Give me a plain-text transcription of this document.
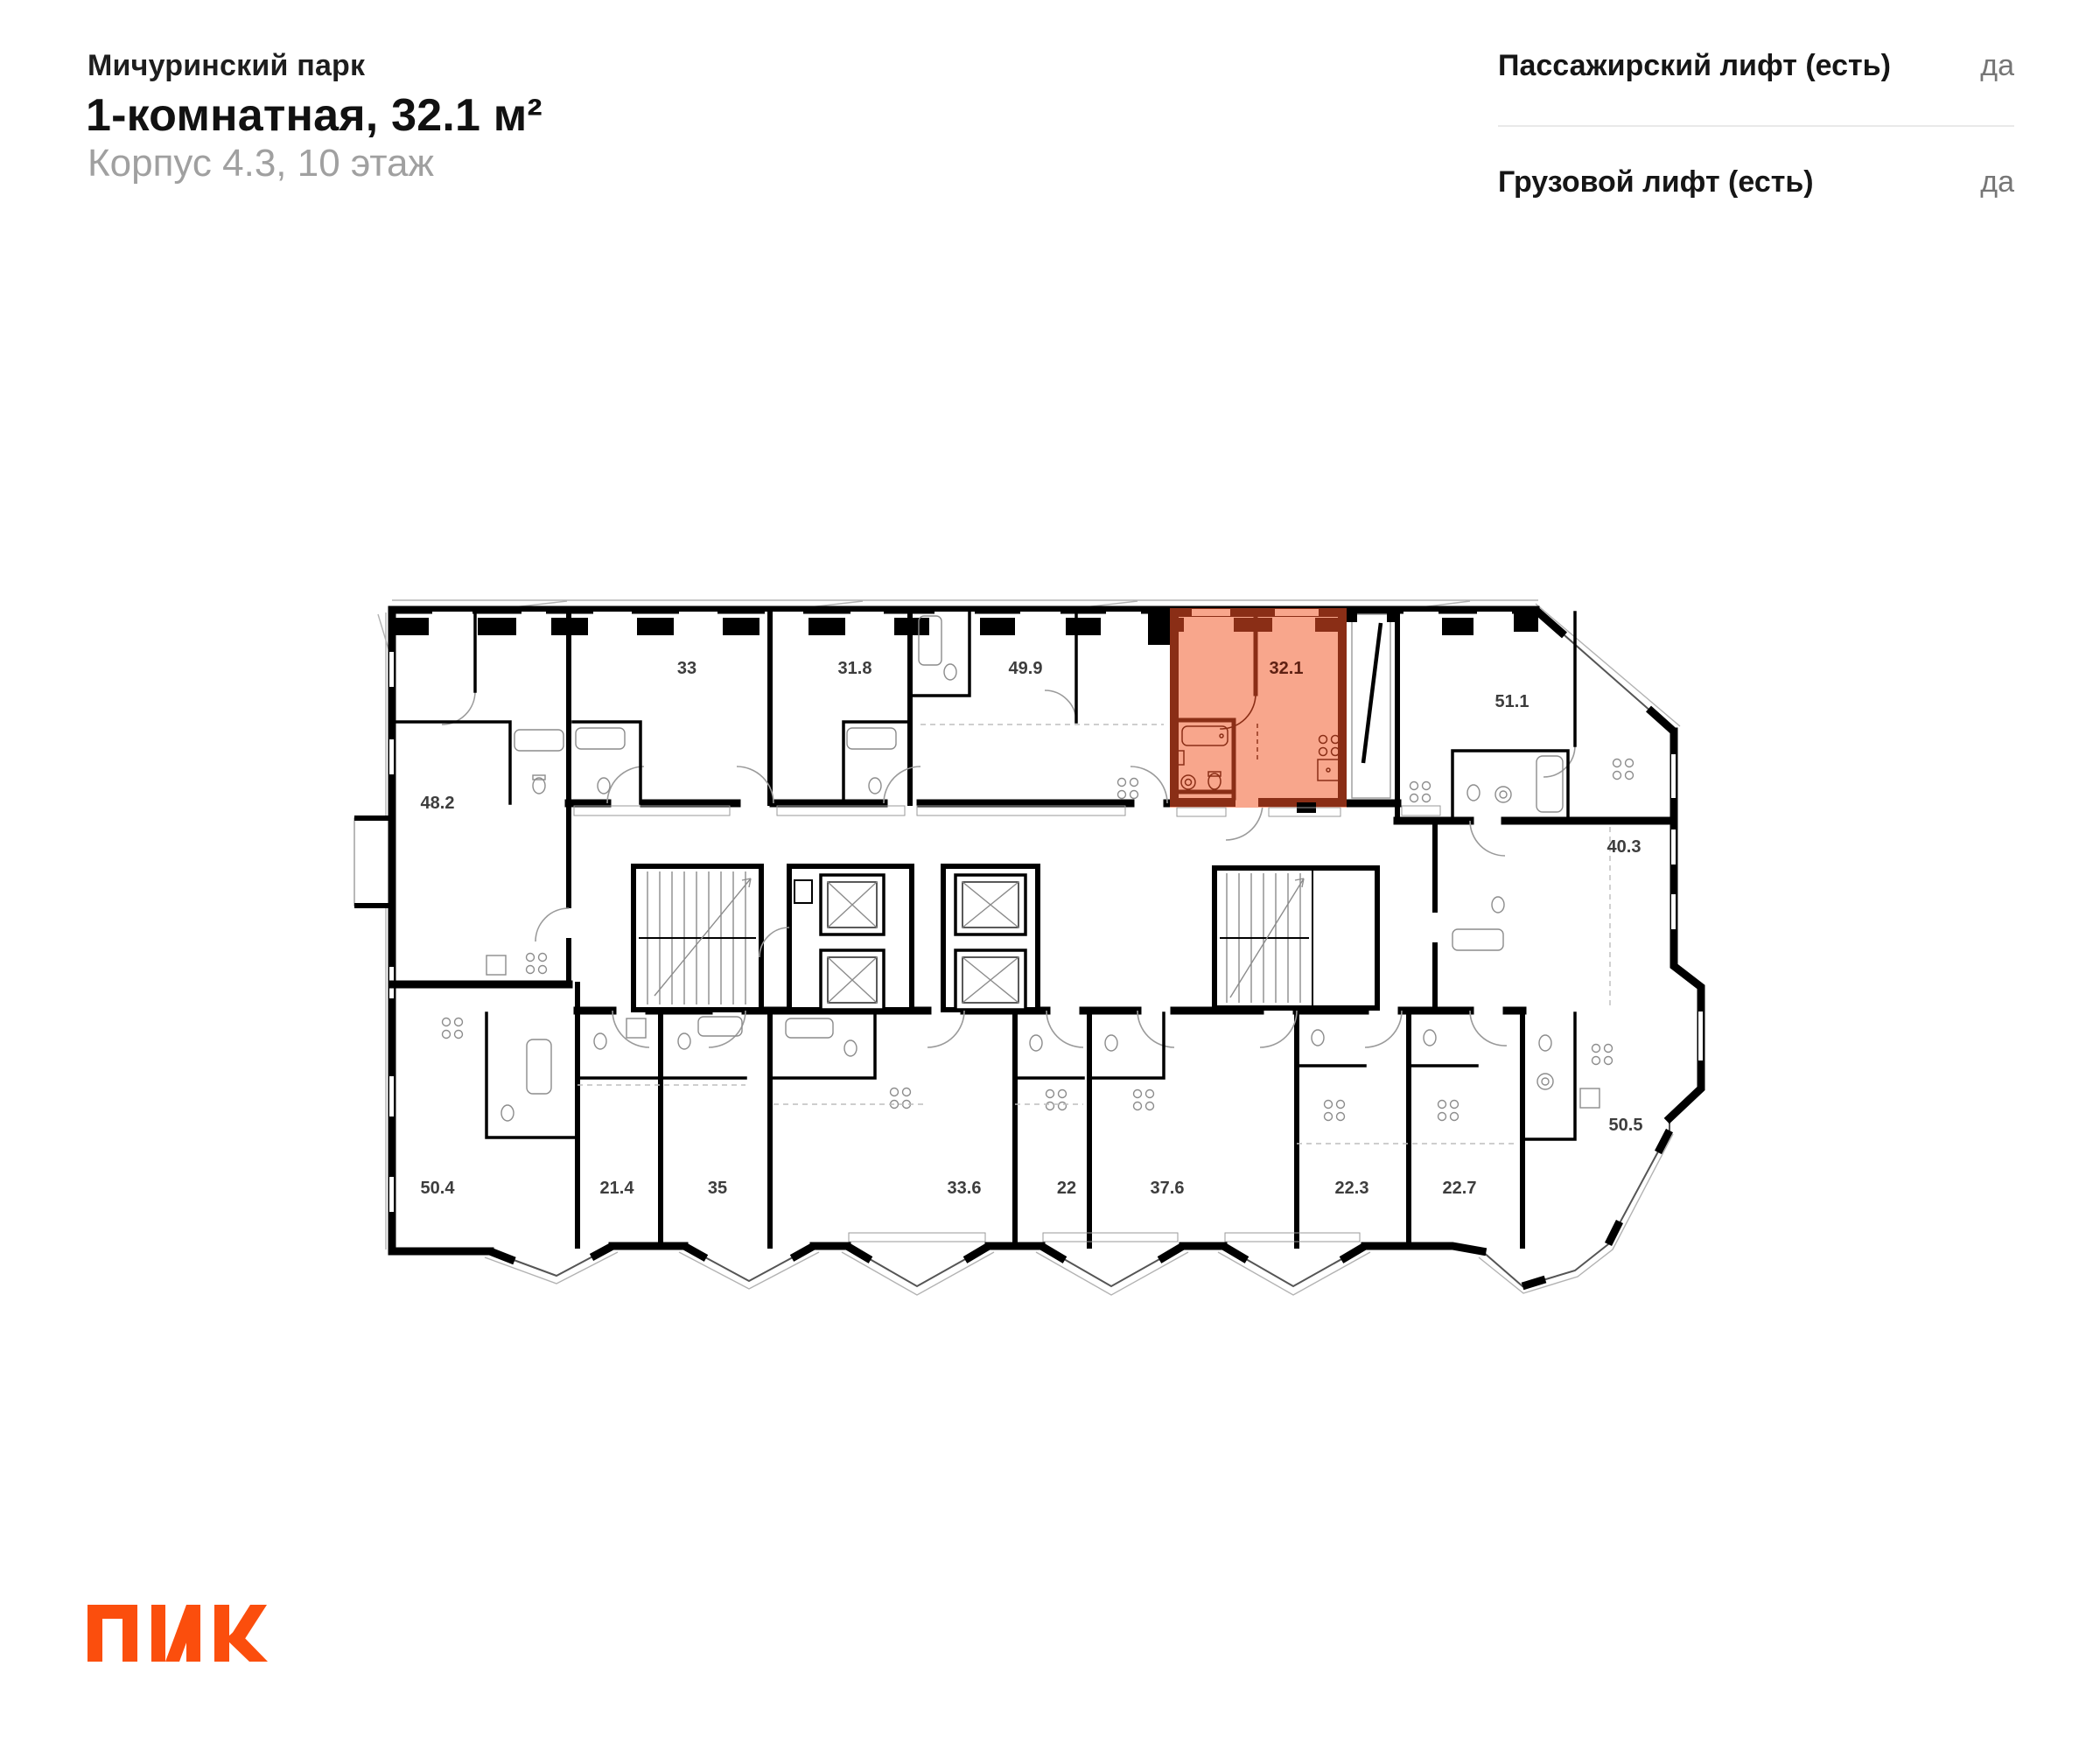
Мичуринский парк
1-комнатная, 32.1 м²
Корпус 4.3, 10 этаж
Пассажирский лифт (есть)	да
Грузовой лифт (есть)	да
48.2
33	31.8	49.9	32.1
51.1
40.3
50.4	21.4	35	33.6	22	37.6	22.3	22.7
50.5
